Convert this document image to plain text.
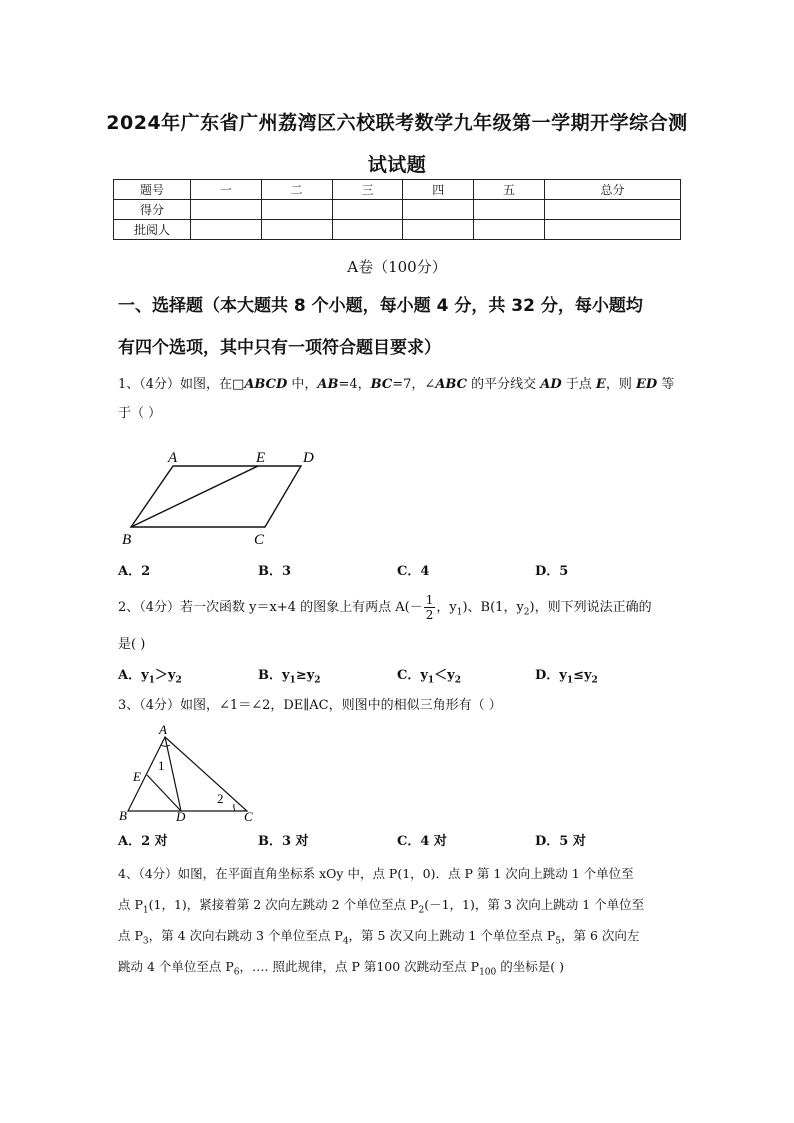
2024年广东省广州荔湾区六校联考数学九年级第一学期开学综合测
试试题
题号	一	二	三	四	五	总分
得分						
批阅人						
A卷（100分）
一、选择题（本大题共 8 个小题，每小题 4 分，共 32 分，每小题均
有四个选项，其中只有一项符合题目要求）
1、（4分）如图，在□ABCD 中，AB=4，BC=7，∠ABC 的平分线交 AD 于点 E，则 ED 等
于（ ）
A	E	D
B	C
A．2	B．3	C．4	D．5
2、（4分）若一次函数 y＝x+4 的图象上有两点 $A(- \frac{1}{2}$ ，$y_1$)、B(1，$y_2$)，则下列说法正确的
是( )
A．$y_1>y_2$	B．$y_1\ge y_2$	C．$y_1<y_2$	D．$y_1\le y_2$
3、（4分）如图，∠1＝∠2，DE∥AC，则图中的相似三角形有（ ）
A
E
1
B	D
2
C
A．2 对	B．3 对	C．4 对	D．5 对
4、（4分）如图，在平面直角坐标系 xOy 中，点 P(1，0)．点 P 第 1 次向上跳动 1 个单位至
点 $P_1(1$，1)，紧接着第 2 次向左跳动 2 个单位至点 $P_2(-1$，1)，第 3 次向上跳动 1 个单位至
点 $P_3$，第 4 次向右跳动 3 个单位至点 $P_4$，第 5 次又向上跳动 1 个单位至点 $P_5$，第 6 次向左
跳动 4 个单位至点 $P_6$，…. 照此规律，点 P 第100 次跳动至点 $P_{100}$ 的坐标是( )
